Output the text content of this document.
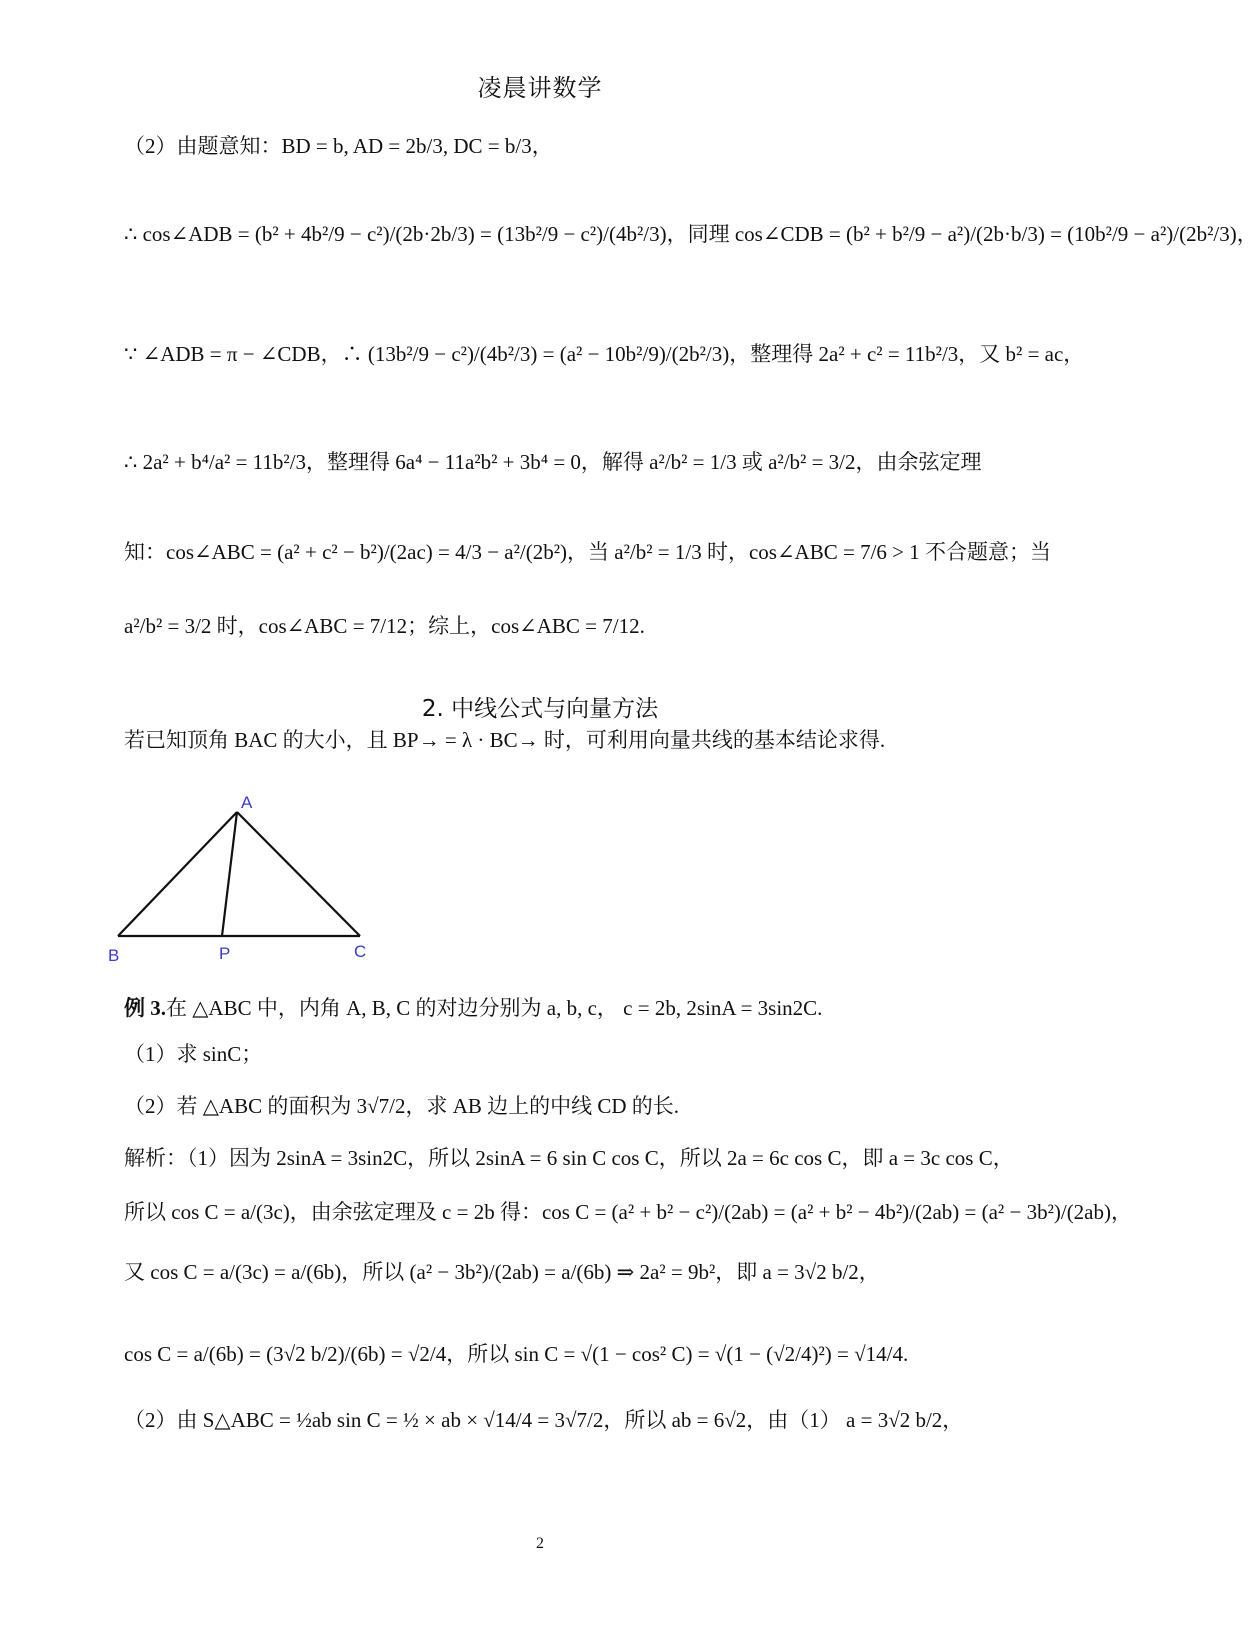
凌晨讲数学
（2）由题意知：BD = b, AD = 2b/3, DC = b/3，
∴ cos∠ADB = (b² + 4b²/9 − c²)/(2b·2b/3) = (13b²/9 − c²)/(4b²/3)，同理 cos∠CDB = (b² + b²/9 − a²)/(2b·b/3) = (10b²/9 − a²)/(2b²/3)，
∵ ∠ADB = π − ∠CDB，∴ (13b²/9 − c²)/(4b²/3) = (a² − 10b²/9)/(2b²/3)，整理得 2a² + c² = 11b²/3，又 b² = ac，
∴ 2a² + b⁴/a² = 11b²/3，整理得 6a⁴ − 11a²b² + 3b⁴ = 0，解得 a²/b² = 1/3 或 a²/b² = 3/2，由余弦定理
知：cos∠ABC = (a² + c² − b²)/(2ac) = 4/3 − a²/(2b²)，当 a²/b² = 1/3 时，cos∠ABC = 7/6 > 1 不合题意；当
a²/b² = 3/2 时，cos∠ABC = 7/12；综上，cos∠ABC = 7/12.
2. 中线公式与向量方法
若已知顶角 BAC 的大小，且 BP→ = λ · BC→ 时，可利用向量共线的基本结论求得.
A
B	P	C
例 3.在 △ABC 中，内角 A, B, C 的对边分别为 a, b, c， c = 2b, 2sinA = 3sin2C.
（1）求 sinC；
（2）若 △ABC 的面积为 3√7/2，求 AB 边上的中线 CD 的长.
解析：（1）因为 2sinA = 3sin2C，所以 2sinA = 6 sin C cos C，所以 2a = 6c cos C，即 a = 3c cos C，
所以 cos C = a/(3c)，由余弦定理及 c = 2b 得：cos C = (a² + b² − c²)/(2ab) = (a² + b² − 4b²)/(2ab) = (a² − 3b²)/(2ab)，
又 cos C = a/(3c) = a/(6b)，所以 (a² − 3b²)/(2ab) = a/(6b) ⇒ 2a² = 9b²，即 a = 3√2 b/2，
cos C = a/(6b) = (3√2 b/2)/(6b) = √2/4，所以 sin C = √(1 − cos² C) = √(1 − (√2/4)²) = √14/4.
（2）由 S△ABC = ½ab sin C = ½ × ab × √14/4 = 3√7/2，所以 ab = 6√2，由（1） a = 3√2 b/2，
2
